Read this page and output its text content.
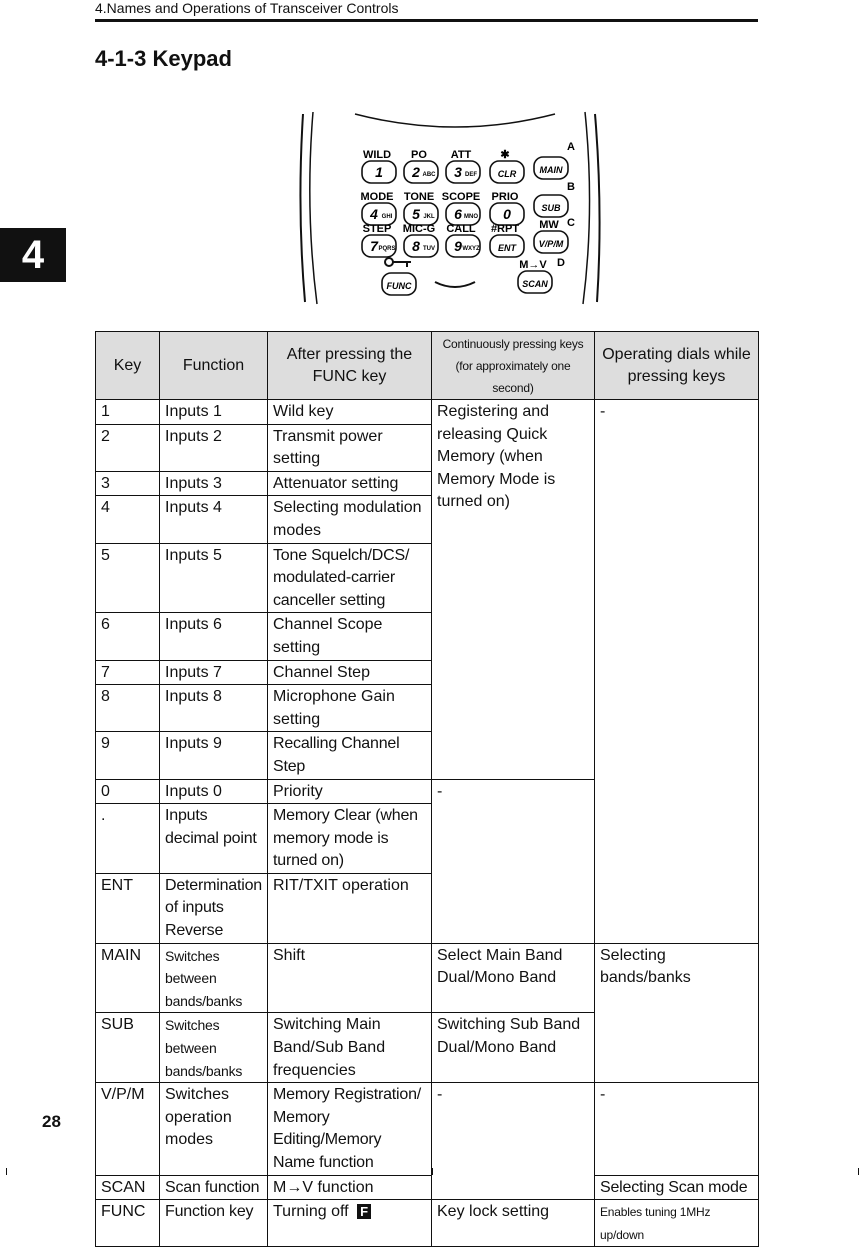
4.Names and Operations of Transceiver Controls
4-1-3 Keypad
4
1
WILD
2 ABC
PO
3 DEF
ATT
CLR
✱
MAIN
4 GHI
MODE
5 JKL
TONE
6 MNO
SCOPE
0
PRIO
SUB
7 PQRS
STEP
8 TUV
MIC-G
9 WXYZ
CALL
ENT
#RPT
V/P/M
MW
FUNC	SCAN
M→V
A
B
C
D
Key	Function	After pressing the FUNC key	Continuously pressing keys (for approximately one second)	Operating dials while pressing keys
1	Inputs 1	Wild key	Registering and releasing Quick Memory (when Memory Mode is turned on)	-
2	Inputs 2	Transmit power setting		
3	Inputs 3	Attenuator setting		
4	Inputs 4	Selecting modulation modes		
5	Inputs 5	Tone Squelch/DCS/ modulated-carrier canceller setting		
6	Inputs 6	Channel Scope setting		
7	Inputs 7	Channel Step		
8	Inputs 8	Microphone Gain setting		
9	Inputs 9	Recalling Channel Step		
0	Inputs 0	Priority	-	
.	Inputs decimal point	Memory Clear (when memory mode is turned on)		
ENT	Determination of inputs Reverse	RIT/TXIT operation		
MAIN	Switches between bands/banks	Shift	Select Main Band Dual/Mono Band	Selecting bands/banks
SUB	Switches between bands/banks	Switching Main Band/Sub Band frequencies	Switching Sub Band Dual/Mono Band	
V/P/M	Switches operation modes	Memory Registration/ Memory Editing/Memory Name function	-	-
SCAN	Scan function	M→V function		Selecting Scan mode
FUNC	Function key	Turning off F	Key lock setting	Enables tuning 1MHz up/down
28
